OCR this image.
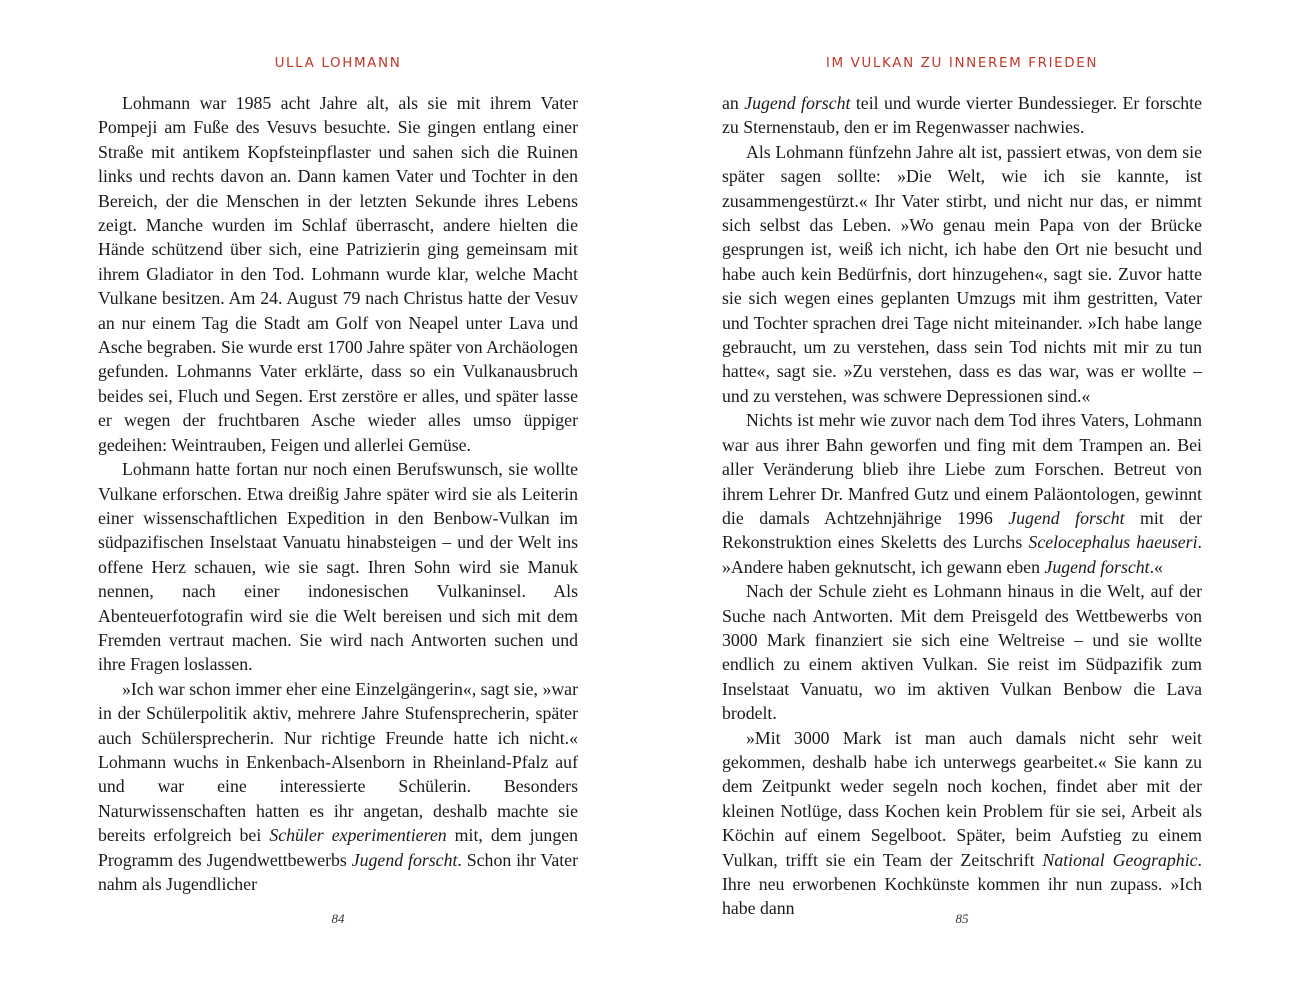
ULLA LOHMANN

Lohmann war 1985 acht Jahre alt, als sie mit ihrem Vater Pompeji am Fuße des Vesuvs besuchte. Sie gingen entlang einer Straße mit antikem Kopfsteinpflaster und sahen sich die Ruinen links und rechts davon an. Dann kamen Vater und Tochter in den Bereich, der die Menschen in der letzten Sekunde ihres Lebens zeigt. Manche wurden im Schlaf überrascht, andere hielten die Hände schützend über sich, eine Patrizierin ging gemeinsam mit ihrem Gladiator in den Tod. Lohmann wurde klar, welche Macht Vulkane besitzen. Am 24. August 79 nach Christus hatte der Vesuv an nur einem Tag die Stadt am Golf von Neapel unter Lava und Asche begraben. Sie wurde erst 1700 Jahre später von Archäologen gefunden. Lohmanns Vater erklärte, dass so ein Vulkanausbruch beides sei, Fluch und Segen. Erst zerstöre er alles, und später lasse er wegen der fruchtbaren Asche wieder alles umso üppiger gedeihen: Weintrauben, Feigen und allerlei Gemüse.

Lohmann hatte fortan nur noch einen Berufswunsch, sie wollte Vulkane erforschen. Etwa dreißig Jahre später wird sie als Leiterin einer wissenschaftlichen Expedition in den Benbow-Vulkan im südpazifischen Inselstaat Vanuatu hinabsteigen – und der Welt ins offene Herz schauen, wie sie sagt. Ihren Sohn wird sie Manuk nennen, nach einer indonesischen Vulkaninsel. Als Abenteuerfotografin wird sie die Welt bereisen und sich mit dem Fremden vertraut machen. Sie wird nach Antworten suchen und ihre Fragen loslassen.

»Ich war schon immer eher eine Einzelgängerin«, sagt sie, »war in der Schülerpolitik aktiv, mehrere Jahre Stufensprecherin, später auch Schülersprecherin. Nur richtige Freunde hatte ich nicht.« Lohmann wuchs in Enkenbach-Alsenborn in Rheinland-Pfalz auf und war eine interessierte Schülerin. Besonders Naturwissenschaften hatten es ihr angetan, deshalb machte sie bereits erfolgreich bei Schüler experimentieren mit, dem jungen Programm des Jugendwettbewerbs Jugend forscht. Schon ihr Vater nahm als Jugendlicher

84
IM VULKAN ZU INNEREM FRIEDEN

an Jugend forscht teil und wurde vierter Bundessieger. Er forschte zu Sternenstaub, den er im Regenwasser nachwies.

Als Lohmann fünfzehn Jahre alt ist, passiert etwas, von dem sie später sagen sollte: »Die Welt, wie ich sie kannte, ist zusammengestürzt.« Ihr Vater stirbt, und nicht nur das, er nimmt sich selbst das Leben. »Wo genau mein Papa von der Brücke gesprungen ist, weiß ich nicht, ich habe den Ort nie besucht und habe auch kein Bedürfnis, dort hinzugehen«, sagt sie. Zuvor hatte sie sich wegen eines geplanten Umzugs mit ihm gestritten, Vater und Tochter sprachen drei Tage nicht miteinander. »Ich habe lange gebraucht, um zu verstehen, dass sein Tod nichts mit mir zu tun hatte«, sagt sie. »Zu verstehen, dass es das war, was er wollte – und zu verstehen, was schwere Depressionen sind.«

Nichts ist mehr wie zuvor nach dem Tod ihres Vaters, Lohmann war aus ihrer Bahn geworfen und fing mit dem Trampen an. Bei aller Veränderung blieb ihre Liebe zum Forschen. Betreut von ihrem Lehrer Dr. Manfred Gutz und einem Paläontologen, gewinnt die damals Achtzehnjährige 1996 Jugend forscht mit der Rekonstruktion eines Skeletts des Lurchs Scelocephalus haeuseri. »Andere haben geknutscht, ich gewann eben Jugend forscht.«

Nach der Schule zieht es Lohmann hinaus in die Welt, auf der Suche nach Antworten. Mit dem Preisgeld des Wettbewerbs von 3000 Mark finanziert sie sich eine Weltreise – und sie wollte endlich zu einem aktiven Vulkan. Sie reist im Südpazifik zum Inselstaat Vanuatu, wo im aktiven Vulkan Benbow die Lava brodelt.

»Mit 3000 Mark ist man auch damals nicht sehr weit gekommen, deshalb habe ich unterwegs gearbeitet.« Sie kann zu dem Zeitpunkt weder segeln noch kochen, findet aber mit der kleinen Notlüge, dass Kochen kein Problem für sie sei, Arbeit als Köchin auf einem Segelboot. Später, beim Aufstieg zu einem Vulkan, trifft sie ein Team der Zeitschrift National Geographic. Ihre neu erworbenen Kochkünste kommen ihr nun zupass. »Ich habe dann

85
